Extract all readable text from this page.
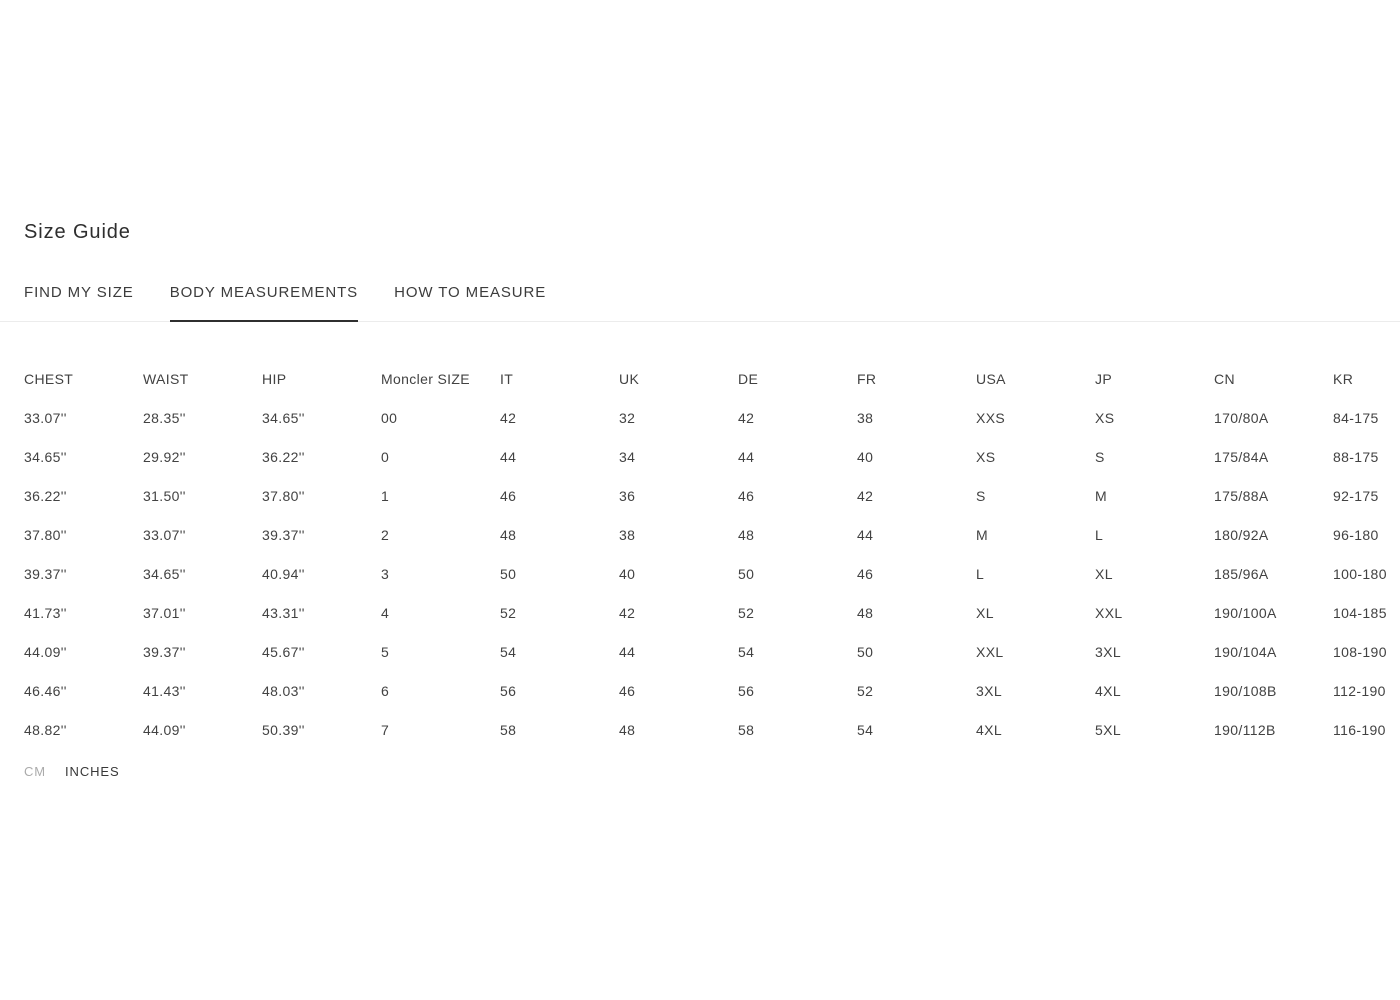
Size Guide
FIND MY SIZE BODY MEASUREMENTS HOW TO MEASURE
CHEST	WAIST	HIP	Moncler SIZE	IT	UK	DE	FR	USA	JP	CN	KR
33.07''	28.35''	34.65''	00	42	32	42	38	XXS	XS	170/80A	84-175
34.65''	29.92''	36.22''	0	44	34	44	40	XS	S	175/84A	88-175
36.22''	31.50''	37.80''	1	46	36	46	42	S	M	175/88A	92-175
37.80''	33.07''	39.37''	2	48	38	48	44	M	L	180/92A	96-180
39.37''	34.65''	40.94''	3	50	40	50	46	L	XL	185/96A	100-180
41.73''	37.01''	43.31''	4	52	42	52	48	XL	XXL	190/100A	104-185
44.09''	39.37''	45.67''	5	54	44	54	50	XXL	3XL	190/104A	108-190
46.46''	41.43''	48.03''	6	56	46	56	52	3XL	4XL	190/108B	112-190
48.82''	44.09''	50.39''	7	58	48	58	54	4XL	5XL	190/112B	116-190
CM INCHES
